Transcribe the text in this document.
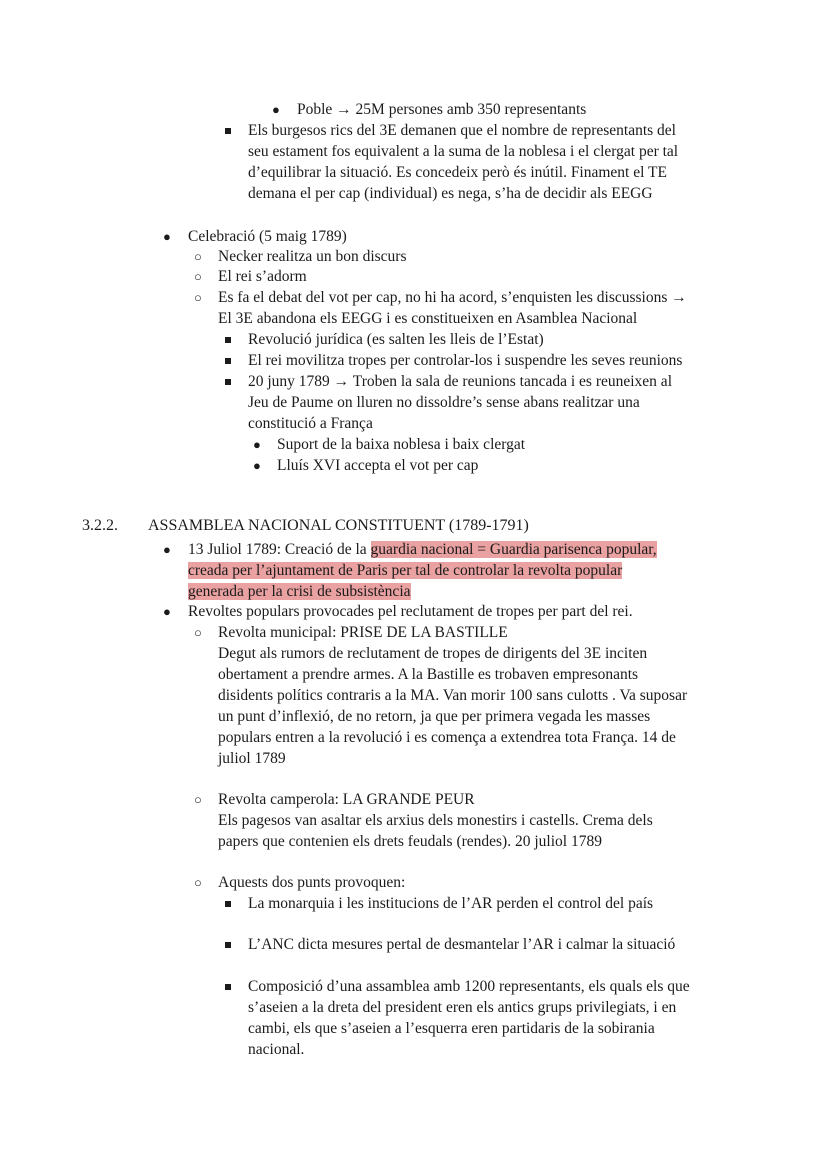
● Poble → 25M persones amb 350 representants
Els burgesos rics del 3E demanen que el nombre de representants del
seu estament fos equivalent a la suma de la noblesa i el clergat per tal
d’equilibrar la situació. Es concedeix però és inútil. Finament el TE
demana el per cap (individual) es nega, s’ha de decidir als EEGG
● Celebració (5 maig 1789)
○ Necker realitza un bon discurs
○ El rei s’adorm
○ Es fa el debat del vot per cap, no hi ha acord, s’enquisten les discussions →
El 3E abandona els EEGG i es constitueixen en Asamblea Nacional
Revolució jurídica (es salten les lleis de l’Estat)
El rei movilitza tropes per controlar-los i suspendre les seves reunions
20 juny 1789 → Troben la sala de reunions tancada i es reuneixen al
Jeu de Paume on lluren no dissoldre’s sense abans realitzar una
constitució a França
● Suport de la baixa noblesa i baix clergat
● Lluís XVI accepta el vot per cap
3.2.2. ASSAMBLEA NACIONAL CONSTITUENT (1789-1791)
● 13 Juliol 1789: Creació de la guardia nacional = Guardia parisenca popular,
creada per l’ajuntament de Paris per tal de controlar la revolta popular
generada per la crisi de subsistència
● Revoltes populars provocades pel reclutament de tropes per part del rei.
○ Revolta municipal: PRISE DE LA BASTILLE
Degut als rumors de reclutament de tropes de dirigents del 3E inciten
obertament a prendre armes. A la Bastille es trobaven empresonants
disidents polítics contraris a la MA. Van morir 100 sans culotts . Va suposar
un punt d’inflexió, de no retorn, ja que per primera vegada les masses
populars entren a la revolució i es comença a extendrea tota França. 14 de
juliol 1789
○ Revolta camperola: LA GRANDE PEUR
Els pagesos van asaltar els arxius dels monestirs i castells. Crema dels
papers que contenien els drets feudals (rendes). 20 juliol 1789
○ Aquests dos punts provoquen:
La monarquia i les institucions de l’AR perden el control del país
L’ANC dicta mesures pertal de desmantelar l’AR i calmar la situació
Composició d’una assamblea amb 1200 representants, els quals els que
s’aseien a la dreta del president eren els antics grups privilegiats, i en
cambi, els que s’aseien a l’esquerra eren partidaris de la sobirania
nacional.
